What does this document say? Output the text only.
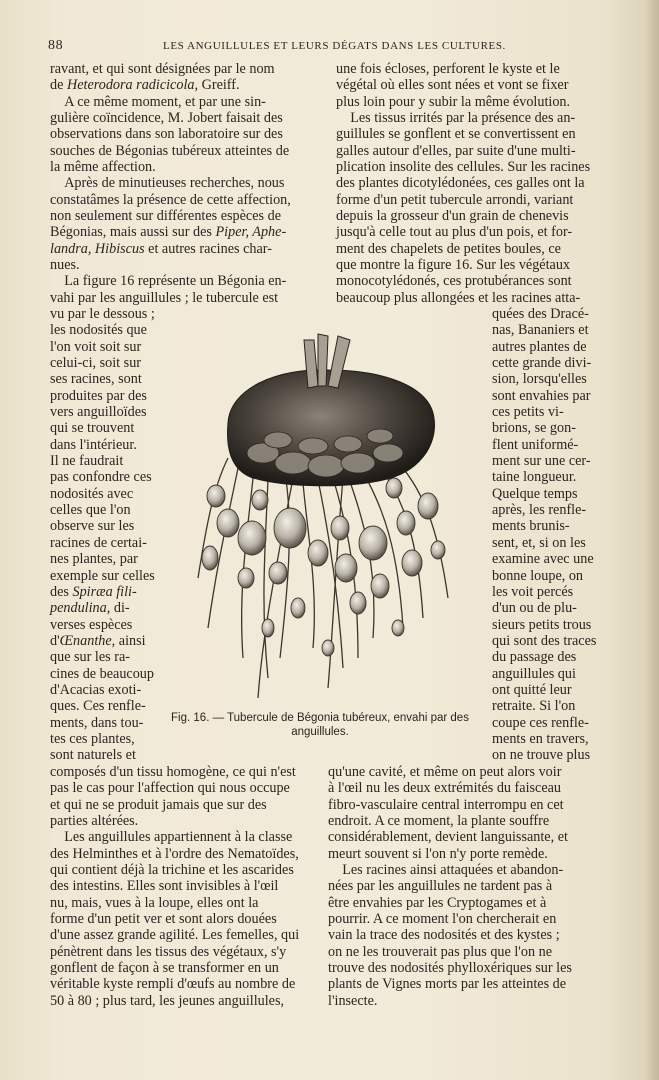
88	LES ANGUILLULES ET LEURS DÉGATS DANS LES CULTURES.

ravant, et qui sont désignées par le nom

de Heterodora radicicola, Greiff.

 A ce même moment, et par une sin-

gulière coïncidence, M. Jobert faisait des

observations dans son laboratoire sur des

souches de Bégonias tubéreux atteintes de

la même affection.

 Après de minutieuses recherches, nous

constatâmes la présence de cette affection,

non seulement sur différentes espèces de

Bégonias, mais aussi sur des Piper, Aphe-

landra, Hibiscus et autres racines char-

nues.

 La figure 16 représente un Bégonia en-

vahi par les anguillules ; le tubercule est

vu par le dessous ;

les nodosités que

l'on voit soit sur

celui-ci, soit sur

ses racines, sont

produites par des

vers anguilloïdes

qui se trouvent

dans l'intérieur.

Il ne faudrait

pas confondre ces

nodosités avec

celles que l'on

observe sur les

racines de certai-

nes plantes, par

exemple sur celles

des Spiræa fili-

pendulina, di-

verses espèces

d'Œnanthe, ainsi

que sur les ra-

cines de beaucoup

d'Acacias exoti-

ques. Ces renfle-

ments, dans tou-

tes ces plantes,

sont naturels et

composés d'un tissu homogène, ce qui n'est

pas le cas pour l'affection qui nous occupe

et qui ne se produit jamais que sur des

parties altérées.

 Les anguillules appartiennent à la classe

des Helminthes et à l'ordre des Nematoïdes,

qui contient déjà la trichine et les ascarides

des intestins. Elles sont invisibles à l'œil

nu, mais, vues à la loupe, elles ont la

forme d'un petit ver et sont alors douées

d'une assez grande agilité. Les femelles, qui

pénètrent dans les tissus des végétaux, s'y

gonflent de façon à se transformer en un

véritable kyste rempli d'œufs au nombre de

50 à 80 ; plus tard, les jeunes anguillules,

une fois écloses, perforent le kyste et le

végétal où elles sont nées et vont se fixer

plus loin pour y subir la même évolution.

 Les tissus irrités par la présence des an-

guillules se gonflent et se convertissent en

galles autour d'elles, par suite d'une multi-

plication insolite des cellules. Sur les racines

des plantes dicotylédonées, ces galles ont la

forme d'un petit tubercule arrondi, variant

depuis la grosseur d'un grain de chenevis

jusqu'à celle tout au plus d'un pois, et for-

ment des chapelets de petites boules, ce

que montre la figure 16. Sur les végétaux

monocotylédonés, ces protubérances sont

beaucoup plus allongées et les racines atta-

quées des Dracé-

nas, Bananiers et

autres plantes de

cette grande divi-

sion, lorsqu'elles

sont envahies par

ces petits vi-

brions, se gon-

flent uniformé-

ment sur une cer-

taine longueur.

Quelque temps

après, les renfle-

ments brunis-

sent, et, si on les

examine avec une

bonne loupe, on

les voit percés

d'un ou de plu-

sieurs petits trous

qui sont des traces

du passage des

anguillules qui

ont quitté leur

retraite. Si l'on

coupe ces renfle-

ments en travers,

on ne trouve plus

qu'une cavité, et même on peut alors voir

à l'œil nu les deux extrémités du faisceau

fibro-vasculaire central interrompu en cet

endroit. A ce moment, la plante souffre

considérablement, devient languissante, et

meurt souvent si l'on n'y porte remède.

 Les racines ainsi attaquées et abandon-

nées par les anguillules ne tardent pas à

être envahies par les Cryptogames et à

pourrir. A ce moment l'on chercherait en

vain la trace des nodosités et des kystes ;

on ne les trouverait pas plus que l'on ne

trouve des nodosités phylloxériques sur les

plants de Vignes morts par les atteintes de

l'insecte.

Fig. 16. — Tubercule de Bégonia tubéreux, envahi par des anguillules.
